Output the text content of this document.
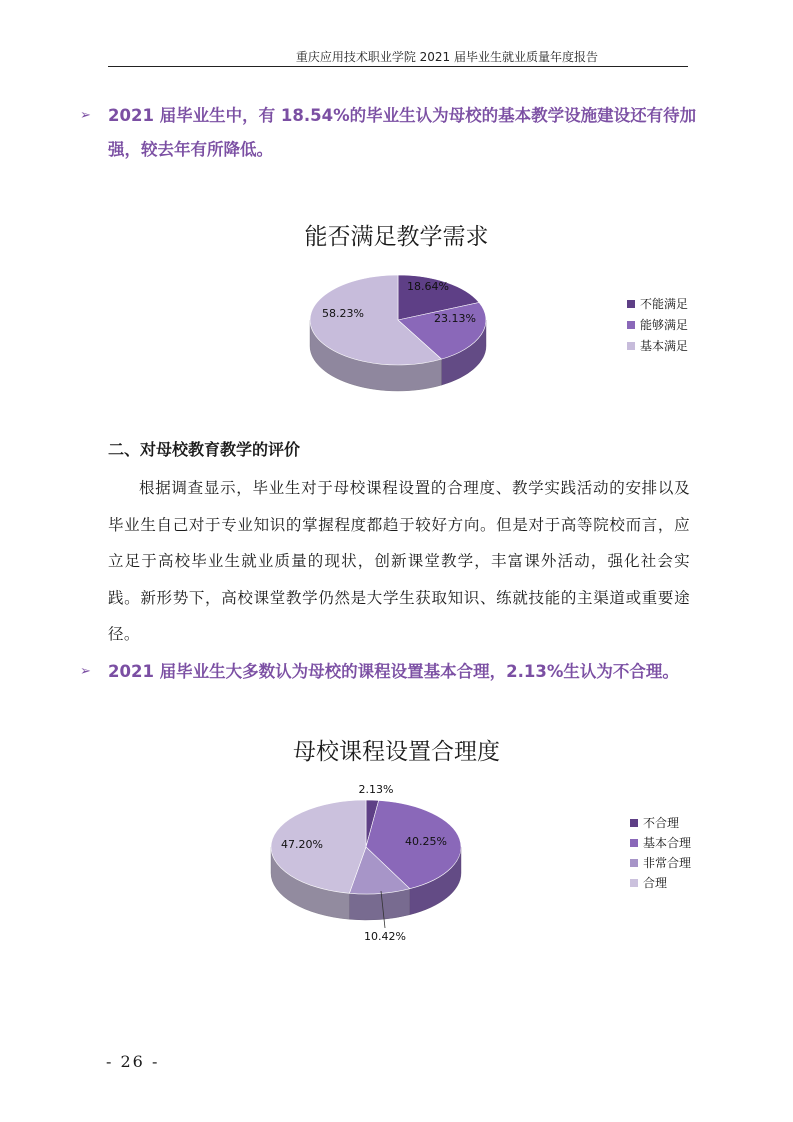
重庆应用技术职业学院 2021 届毕业生就业质量年度报告
➢ 2021 届毕业生中，有 18.54%的毕业生认为母校的基本教学设施建设还有待加强，较去年有所降低。
能否满足教学需求
18.64%
23.13%
58.23%
不能满足
能够满足
基本满足
二、对母校教育教学的评价
根据调查显示，毕业生对于母校课程设置的合理度、教学实践活动的安排以及毕业生自己对于专业知识的掌握程度都趋于较好方向。但是对于高等院校而言，应立足于高校毕业生就业质量的现状，创新课堂教学，丰富课外活动，强化社会实践。新形势下，高校课堂教学仍然是大学生获取知识、练就技能的主渠道或重要途径。
➢ 2021 届毕业生大多数认为母校的课程设置基本合理，2.13%生认为不合理。
母校课程设置合理度
2.13%
40.25%
10.42%
47.20%
不合理
基本合理
非常合理
合理
- 26 -
